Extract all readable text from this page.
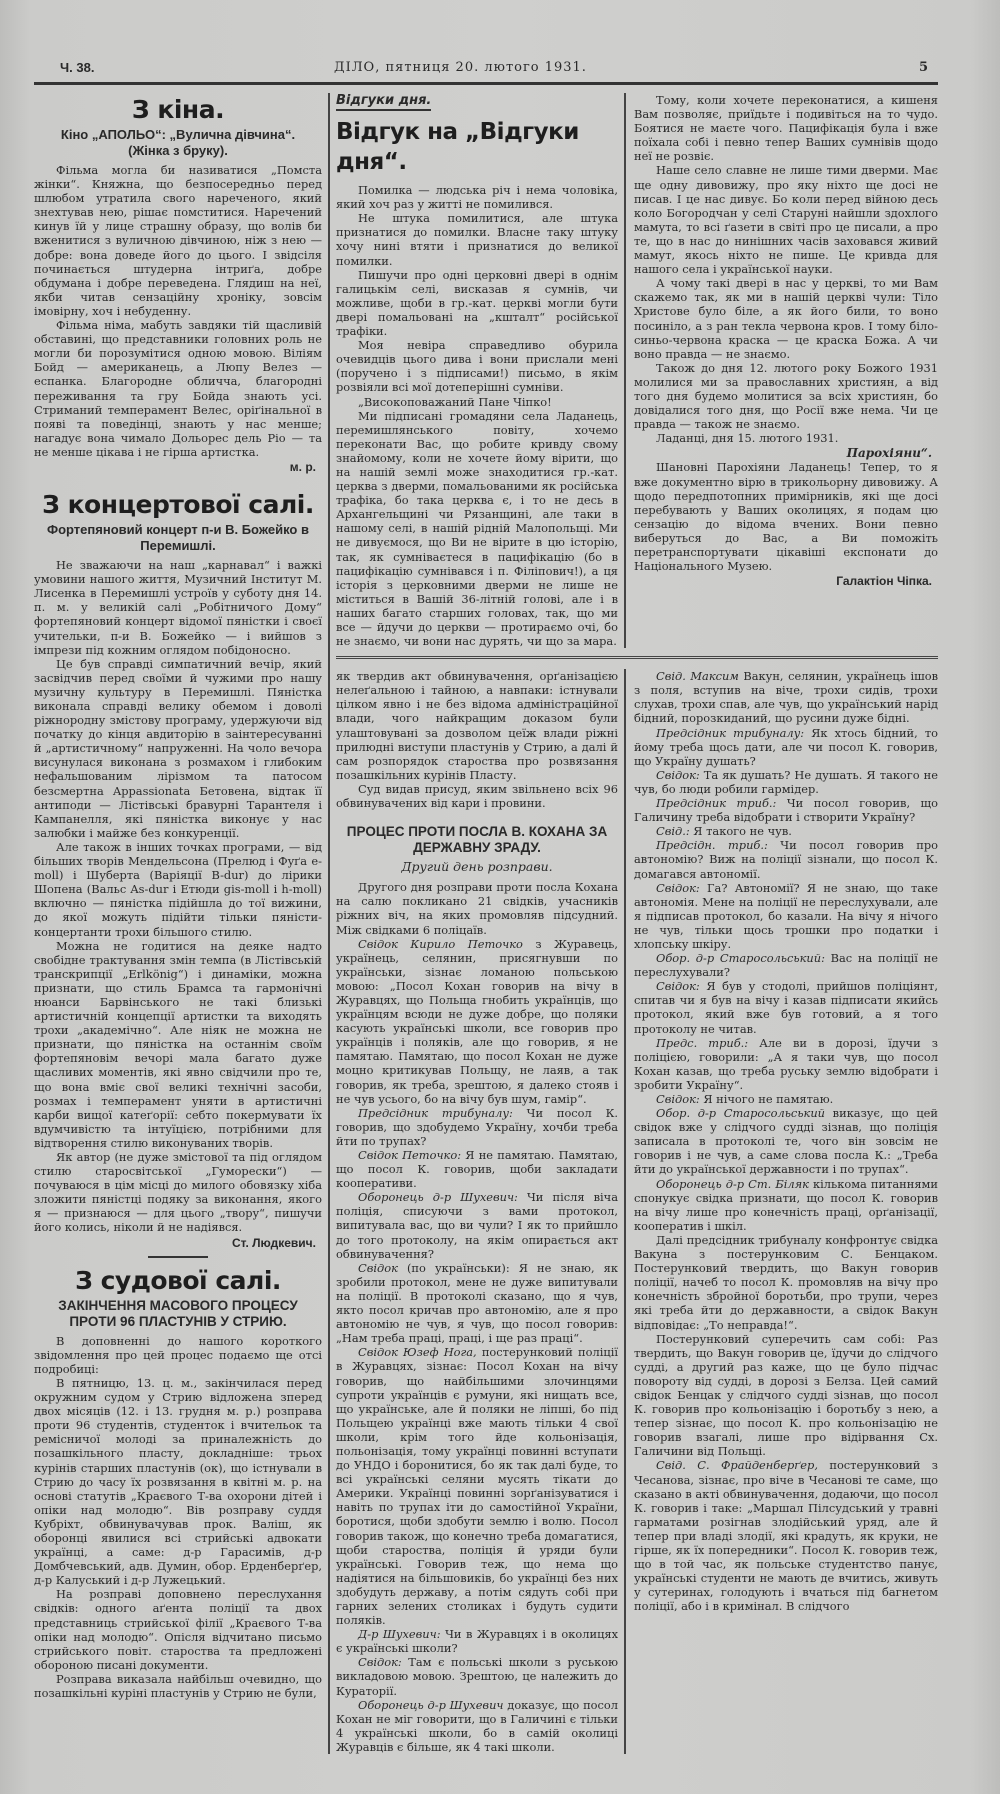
Ч. 38.	ДІЛО, пятниця 20. лютого 1931.	5
З кіна.
Кіно „АПОЛЬО“: „Вулична дівчина“. (Жінка з бруку).

Фільма могла би називатися „Помста жінки“. Княжна, що безпосередньо перед шлюбом утратила свого нареченого, який знехтував нею, рішає помститися. Наречений кинув їй у лице страшну образу, що волів би вженитися з вуличною дівчиною, ніж з нею — добре: вона доведе його до цього. І звідсіля починається штудерна інтриґа, добре обдумана і добре переведена. Глядиш на неї, якби читав сензаційну хроніку, зовсім імовірну, хоч і небуденну.

Фільма німа, мабуть завдяки тій щасливій обставині, що представники головних роль не могли би порозумітися одною мовою. Віліям Бойд — американець, а Люпу Велез — еспанка. Благородне обличча, благородні переживання та гру Бойда знають усі. Стриманий темперамент Велес, оріґінальної в появі та поведінці, знають у нас менше; нагадує вона чимало Дольорес дель Ріо — та не менше цікава і не гірша артистка.

м. р.
З концертової салі.
Фортепяновий концерт п-и В. Божейко в Перемишлі.

Не зважаючи на наш „карнавал“ і важкі умовини нашого життя, Музичний Інститут М. Лисенка в Перемишлі устроїв у суботу дня 14. п. м. у великій салі „Робітничого Дому“ фортепяновий концерт відомої пяністки і своєї учительки, п-и В. Божейко — і вийшов з імпрези під кожним оглядом побідоносно.

Це був справді симпатичний вечір, який засвідчив перед своїми й чужими про нашу музичну культуру в Перемишлі. Пяністка виконала справді велику обемом і доволі ріжнородну змістову програму, удержуючи від початку до кінця авдиторію в заінтересуванні й „артистичному“ напруженні. На чоло вечора висунулася виконана з розмахом і глибоким нефальшованим лірізмом та патосом безсмертна Appassionata Бетовена, відтак її антиподи — Лістівські бравурні Тарантеля і Кампанелля, які пяністка виконує у нас залюбки і майже без конкуренції.

Але також в інших точках програми, — від більших творів Мендельсона (Прелюд і Фуґа e-moll) і Шуберта (Варіяції B-dur) до лірики Шопена (Вальс As-dur і Етюди gis-moll і h-moll) включно — пяністка підійшла до тої вижини, до якої можуть підійти тільки пяністи-концертанти трохи більшого стилю.

Можна не годитися на деяке надто свобідне трактування змін темпа (в Лістівській транскрипції „Erlkönig“) і динаміки, можна признати, що стиль Брамса та гармонічні нюанси Барвінського не такі близькі артистичній концепції артистки та виходять трохи „академічно“. Але ніяк не можна не признати, що пяністка на останнім своїм фортепяновім вечорі мала багато дуже щасливих моментів, які явно свідчили про те, що вона вміє свої великі технічні засоби, розмах і темперамент уняти в артистичні карби вищої катеґорії: себто покермувати їх вдумчивістю та інтуїцією, потрібними для відтворення стилю виконуваних творів.

Як автор (не дуже змістової та під оглядом стилю старосвітської „Гуморески“) — почуваюся в цім місці до милого обовязку хіба зложити пяністці подяку за виконання, якого я — признаюся — для цього „твору“, пишучи його колись, ніколи й не надіявся.

Ст. Людкевич.
З судової салі.
ЗАКІНЧЕННЯ МАСОВОГО ПРОЦЕСУ ПРОТИ 96 ПЛАСТУНІВ У СТРИЮ.

В доповненні до нашого короткого звідомлення про цей процес подаємо ще отсі подробиці:

В пятницю, 13. ц. м., закінчилася перед окружним судом у Стрию відложена зперед двох місяців (12. і 13. грудня м. р.) розправа проти 96 студентів, студенток і вчительок та ремісничої молоді за приналежність до позашкільного пласту, докладніше: трьох курінів старших пластунів (ок), що істнували в Стрию до часу їх розвязання в квітні м. р. на основі статутів „Краєвого Т-ва охорони дітей і опіки над молодю“. Вів розправу суддя Кубріхт, обвинувачував прок. Валіш, як оборонці явилися всі стрийські адвокати українці, а саме: д-р Гарасимів, д-р Домбчевський, адв. Думин, обор. Ерденберґер, д-р Калуський і д-р Лужецький.

На розправі доповнено переслухання свідків: одного аґента поліції та двох представниць стрийської філії „Краєвого Т-ва опіки над молодю“. Опісля відчитано письмо стрийського повіт. староства та предложені обороною писані документи.

Розправа виказала найбільш очевидно, що позашкільні курінi пластунів у Стрию не були,

Відгуки дня.
Відгук на „Відгуки дня“.

Помилка — людська річ і нема чоловіка, який хоч раз у житті не помилився.

Не штука помилитися, але штука признатися до помилки. Власне таку штуку хочу нині втяти і признатися до великої помилки.

Пишучи про одні церковні двері в однім галицькім селі, висказав я сумнів, чи можливе, щоби в гр.-кат. церкві могли бути двері помальовані на „кшталт“ російської трафіки.

Моя невіра справедливо обурила очевидців цього дива і вони прислали мені (поручено і з підписами!) письмо, в якім розвіяли всі мої дотеперішні сумніви.

„Високоповажаний Пане Чіпко!

Ми підписані громадяни села Ладанець, перемишлянського повіту, хочемо переконати Вас, що робите кривду свому знайомому, коли не хочете йому вірити, що на нашій землі може знаходитися гр.-кат. церква з дверми, помальованими як російська трафіка, бо така церква є, і то не десь в Архангельщині чи Рязанщині, але таки в нашому селі, в нашій рідній Малопольщі. Ми не дивуємося, що Ви не вірите в цю історію, так, як сумніваєтеся в пацифікацію (бо в пацифікацію сумнівався і п. Філіпович!), а ця історія з церковними дверми не лише не міститься в Вашій 36-літній голові, але і в наших багато старших головах, так, що ми все — йдучи до церкви — протираємо очі, бо не знаємо, чи вони нас дурять, чи що за мара.

Тому, коли хочете переконатися, а кишеня Вам позволяє, приїдьте і подивіться на то чудо. Боятися не маєте чого. Пацифікація була і вже поїхала собі і певно тепер Ваших сумнівів щодо неї не розвіє.

Наше село славне не лише тими дверми. Має ще одну дивовижу, про яку ніхто ще досі не писав. І це нас дивує. Бо коли перед війною десь коло Богородчан у селі Старуні найшли здохлого мамута, то всі ґазети в світі про це писали, а про те, що в нас до нинішних часів заховався живий мамут, якось ніхто не пише. Це кривда для нашого села і української науки.

А чому такі двері в нас у церкві, то ми Вам скажемо так, як ми в нашій церкві чули: Тіло Христове було біле, а як його били, то воно посиніло, а з ран текла червона кров. І тому біло-синьо-червона краска — це краска Божа. А чи воно правда — не знаємо.

Також до дня 12. лютого року Божого 1931 молилися ми за православних християн, а від того дня будемо молитися за всіх християн, бо довідалися того дня, що Росії вже нема. Чи це правда — також не знаємо.

Ладанці, дня 15. лютого 1931.

Парохіяни“.

Шановні Парохіяни Ладанець! Тепер, то я вже документно вірю в трикольорну дивовижу. А щодо передпотопних примірників, які ще досі перебувають у Ваших околицях, я подам цю сензацію до відома вчених. Вони певно виберуться до Вас, а Ви поможіть перетранспортувати цікавіші експонати до Національного Музею.

Галактіон Чіпка.

як твердив акт обвинувачення, орґанізацією нелеґальною і тайною, а навпаки: істнували цілком явно і не без відома адміністраційної влади, чого найкращим доказом були улаштовувані за дозволом цеїж влади ріжні прилюдні виступи пластунів у Стрию, а далі й сам розпорядок староства про розвязання позашкільних курінів Пласту.

Суд видав присуд, яким звільнено всіх 96 обвинувачених від кари і провини.

ПРОЦЕС ПРОТИ ПОСЛА В. КОХАНА ЗА ДЕРЖАВНУ ЗРАДУ.
Другий день розправи.

Другого дня розправи проти посла Кохана на салю покликано 21 свідків, учасників ріжних віч, на яких промовляв підсудний. Між свідками 6 поліцаїв.

Свідок Кирило Петочко з Журавець, українець, селянин, присягнувши по українськи, зізнає ломаною польською мовою: „Посол Кохан говорив на вічу в Журавцях, що Польща гнобить українців, що українцям всюди не дуже добре, що поляки касують українські школи, все говорив про українців і поляків, але що говорив, я не памятаю. Памятаю, що посол Кохан не дуже моцно критикував Польщу, не лаяв, а так говорив, як треба, зрештою, я далеко стояв і не чув усього, бо на вічу був шум, гамір“.

Предсідник трибуналу: Чи посол К. говорив, що здобудемо Україну, хочби треба йти по трупах?

Свідок Петочко: Я не памятаю. Памятаю, що посол К. говорив, щоби закладати кооперативи.

Оборонець д-р Шухевич: Чи після віча поліція, списуючи з вами протокол, випитувала вас, що ви чули? І як то прийшло до того протоколу, на якім опирається акт обвинувачення?

Свідок (по українськи): Я не знаю, як зробили протокол, мене не дуже випитували на поліції. В протоколі сказано, що я чув, якто посол кричав про автономію, але я про автономію не чув, я чув, що посол говорив: „Нам треба праці, праці, і ще раз праці“.

Свідок Юзеф Нога, постерунковий поліції в Журавцях, зізнає: Посол Кохан на вічу говорив, що найбільшими злочинцями супроти українців є румуни, які нищать все, що українське, але й поляки не ліпші, бо під Польщею українці вже мають тільки 4 свої школи, крім того йде кольонізація, польонізація, тому українці повинні вступати до УНДО і боронитися, бо як так далі буде, то всі українські селяни мусять тікати до Америки. Українці повинні зорґанізуватися і навіть по трупах іти до самостійної України, боротися, щоби здобути землю і волю. Посол говорив також, що конечно треба домагатися, щоби староства, поліція й уряди були українські. Говорив теж, що нема що надіятися на більшовиків, бо українці без них здобудуть державу, а потім сядуть собі при гарних зелених столиках і будуть судити поляків.

Д-р Шухевич: Чи в Журавцях і в околицях є українські школи?

Свідок: Там є польські школи з руською викладовою мовою. Зрештою, це належить до Кураторії.

Оборонець д-р Шухевич доказує, що посол Кохан не міг говорити, що в Галичині є тільки 4 українські школи, бо в самій околиці Журавців є більше, як 4 такі школи.

Свід. Максим Вакун, селянин, українець ішов з поля, вступив на віче, трохи сидів, трохи слухав, трохи спав, але чув, що український нарід бідний, порозкиданий, що русини дуже бідні.

Предсідник трибуналу: Як хтось бідний, то йому треба щось дати, але чи посол К. говорив, що Україну душать?

Свідок: Та як душать? Не душать. Я такого не чув, бо люди робили гармідер.

Предсідник триб.: Чи посол говорив, що Галичину треба відобрати і створити Україну?

Свід.: Я такого не чув.

Предсідн. триб.: Чи посол говорив про автономію? Виж на поліції зізнали, що посол К. домагався автономії.

Свідок: Га? Автономії? Я не знаю, що таке автономія. Мене на поліції не переслухували, але я підписав протокол, бо казали. На вічу я нічого не чув, тільки щось трошки про податки і хлопську шкіру.

Обор. д-р Старосольський: Вас на поліції не переслухували?

Свідок: Я був у стодолі, прийшов поліціянт, спитав чи я був на вічу і казав підписати якийсь протокол, який вже був готовий, а я того протоколу не читав.

Предс. триб.: Але ви в дорозі, їдучи з поліцією, говорили: „А я таки чув, що посол Кохан казав, що треба руську землю відобрати і зробити Україну“.

Свідок: Я нічого не памятаю.

Обор. д-р Старосольський виказує, що цей свідок вже у слідчого судді зізнав, що поліція записала в протоколі те, чого він зовсім не говорив і не чув, а саме слова посла К.: „Треба йти до української державности і по трупах“.

Оборонець д-р Ст. Біляк кількома питаннями спонукує свідка признати, що посол К. говорив на вічу лише про конечність праці, орґанізації, кооператив і шкіл.

Далі предсідник трибуналу конфронтує свідка Вакуна з постерунковим С. Бенцаком. Постерунковий твердить, що Вакун говорив поліції, начеб то посол К. промовляв на вічу про конечність збройної боротьби, про трупи, через які треба йти до державности, а свідок Вакун відповідає: „То неправда!“.

Постерунковий суперечить сам собі: Раз твердить, що Вакун говорив це, їдучи до слідчого судді, а другий раз каже, що це було підчас повороту від судді, в дорозі з Белза. Цей самий свідок Бенцак у слідчого судді зізнав, що посол К. говорив про кольонізацію і боротьбу з нею, а тепер зізнає, що посол К. про кольонізацію не говорив взагалі, лише про відірвання Сх. Галичини від Польщі.

Свід. С. Фрайденберґер, постерунковий з Чесанова, зізнає, про віче в Чесанові те саме, що сказано в акті обвинувачення, додаючи, що посол К. говорив і таке: „Маршал Пілсудський у травні гарматами розігнав злодійський уряд, але й тепер при владі злодії, які крадуть, як круки, не гірше, як їх попередники“. Посол К. говорив теж, що в той час, як польське студентство панує, українські студенти не мають де вчитись, живуть у сутеринах, голодують і вчаться під багнетом поліції, або і в кримінал. В слідчого
